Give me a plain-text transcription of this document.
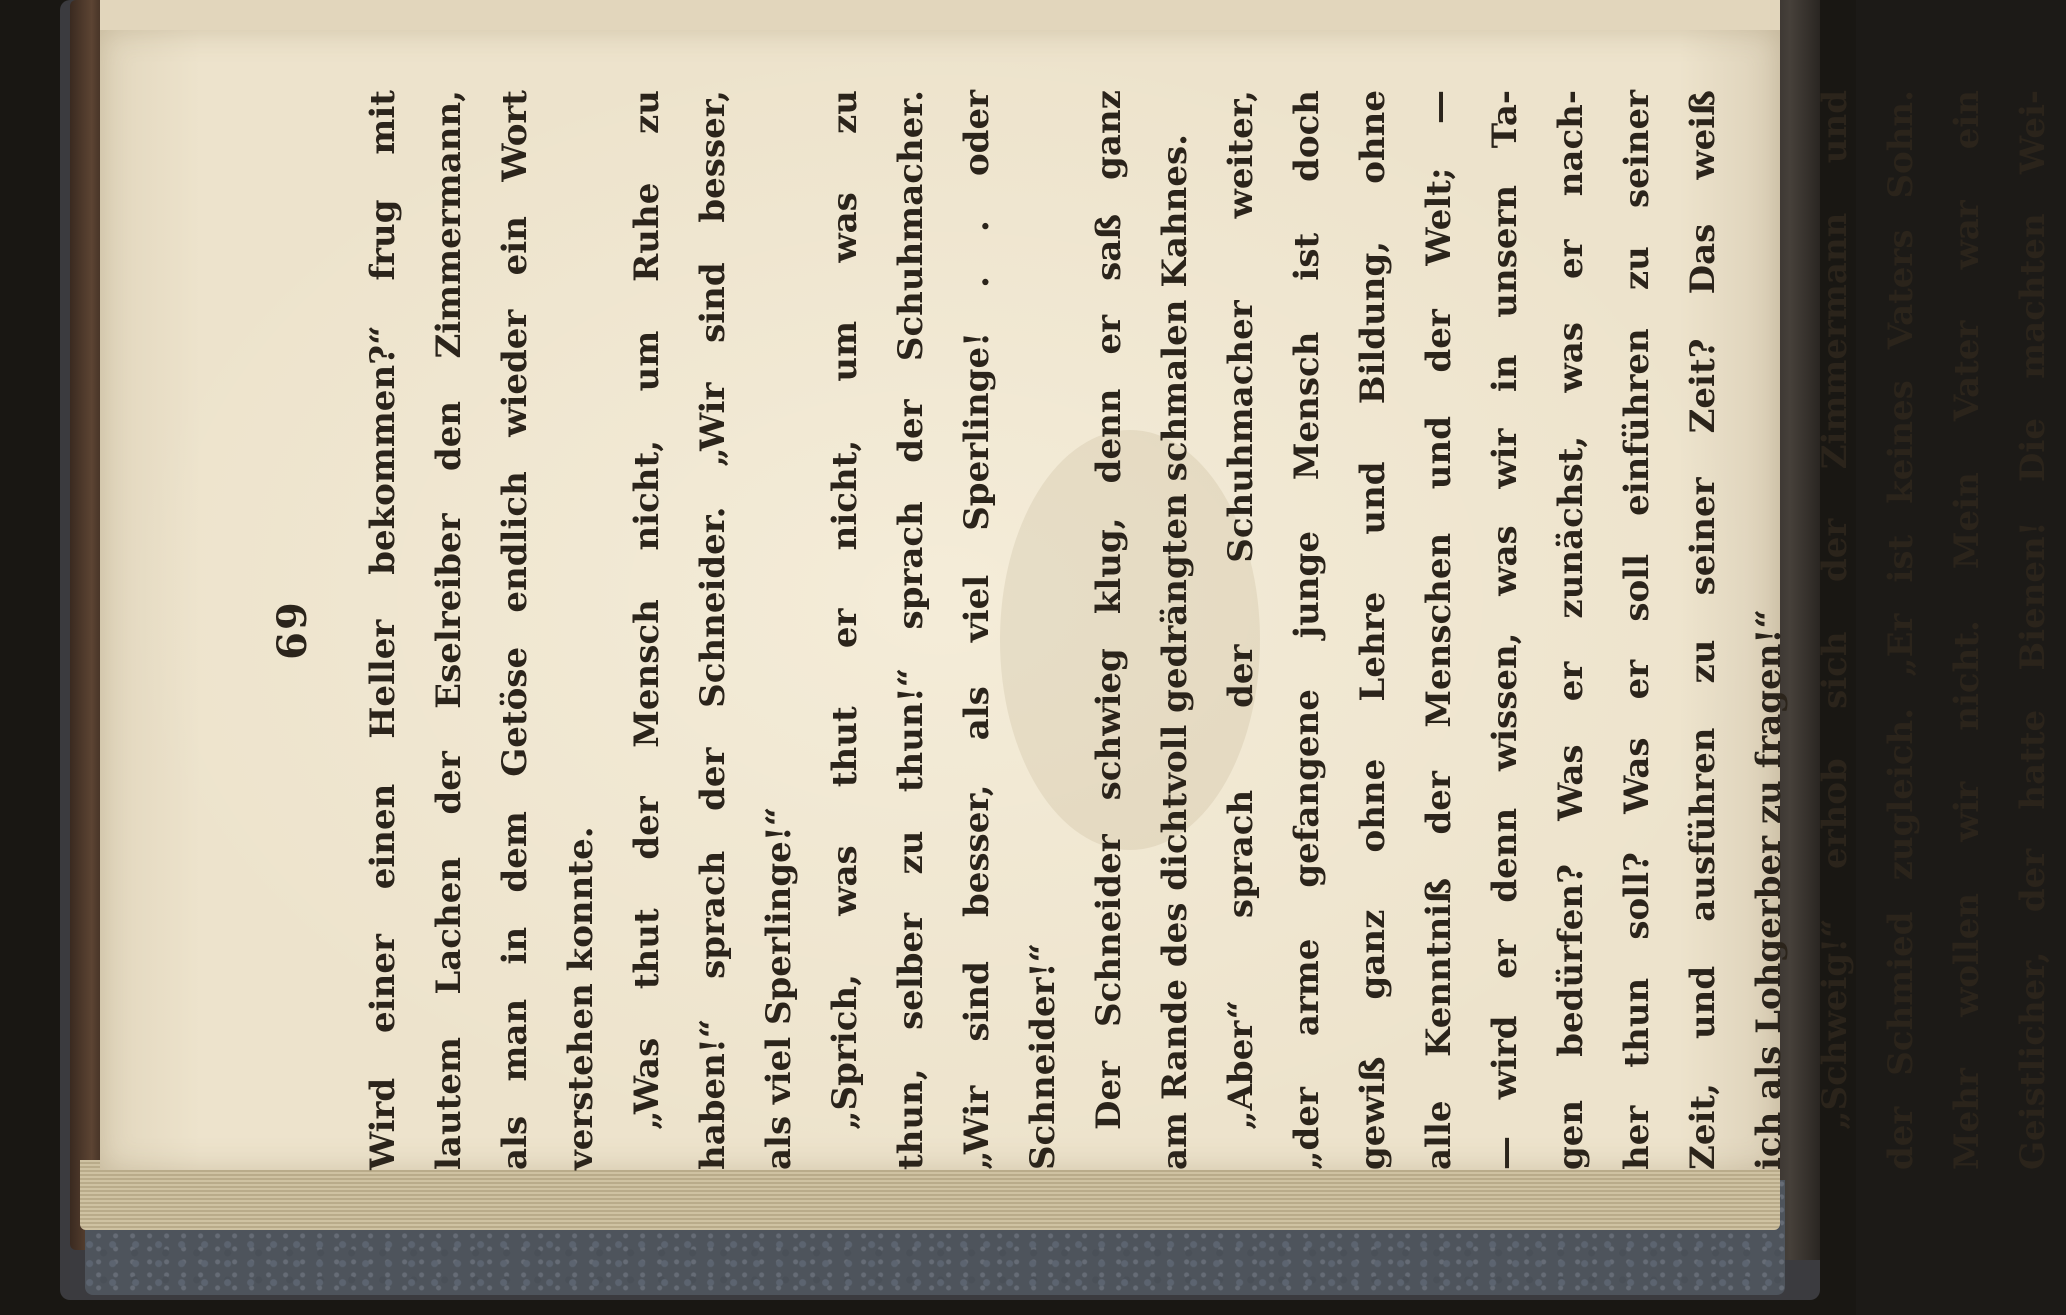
69	Wird einer einen Heller bekommen?“ frug mit lautem Lachen der Eselreiber den Zimmermann, als man in dem Getöse endlich wieder ein Wort verstehen konnte. „Was thut der Mensch nicht, um Ruhe zu haben!“ sprach der Schneider. „Wir sind besser, als viel Sperlinge!“ „Sprich, was thut er nicht, um was zu thun, selber zu thun!“ sprach der Schuhmacher. „Wir sind besser, als viel Sperlinge! . . oder Schneider!“ Der Schneider schwieg klug, denn er saß ganz am Rande des dichtvoll gedrängten schmalen Kahnes. „Aber“ sprach der Schuhmacher weiter, „der arme gefangene junge Mensch ist doch gewiß ganz ohne Lehre und Bildung, ohne alle Kenntniß der Menschen und der Welt; — — wird er denn wissen, was wir in unsern Ta- gen bedürfen? Was er zunächst, was er nach- her thun soll? Was er soll einführen zu seiner Zeit, und ausführen zu seiner Zeit? Das weiß ich als Lohgerber zu fragen!“ „Schweig!“ erhob sich der Zimmermann und der Schmied zugleich. „Er ist keines Vaters Sohn. Mehr wollen wir nicht. Mein Vater war ein Geistlicher, der hatte Bienen! Die machten Wei-
